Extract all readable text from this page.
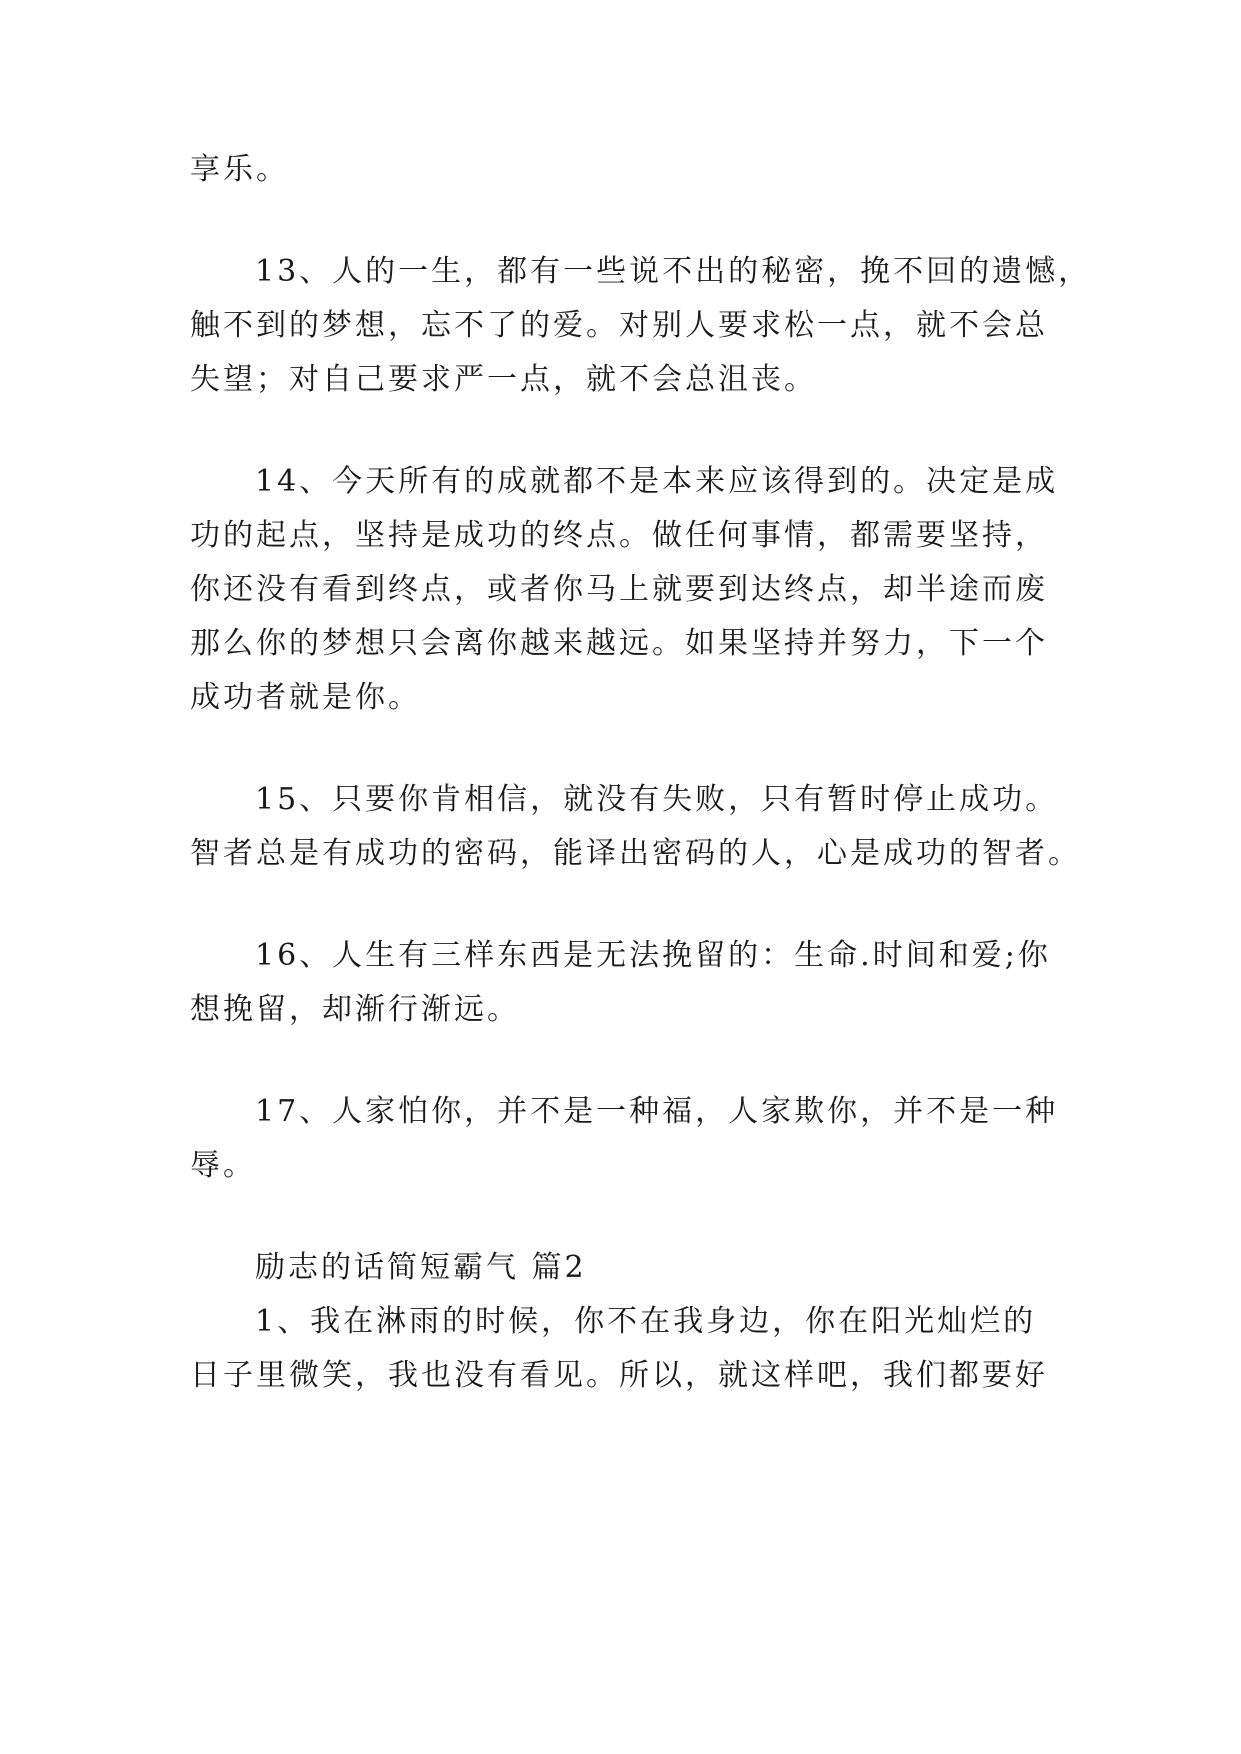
享乐。
13、人的一生，都有一些说不出的秘密，挽不回的遗憾，
触不到的梦想，忘不了的爱。对别人要求松一点，就不会总
失望；对自己要求严一点，就不会总沮丧。
14、今天所有的成就都不是本来应该得到的。决定是成
功的起点，坚持是成功的终点。做任何事情，都需要坚持，
你还没有看到终点，或者你马上就要到达终点，却半途而废
那么你的梦想只会离你越来越远。如果坚持并努力，下一个
成功者就是你。
15、只要你肯相信，就没有失败，只有暂时停止成功。
智者总是有成功的密码，能译出密码的人，心是成功的智者。
16、人生有三样东西是无法挽留的：生命.时间和爱;你
想挽留，却渐行渐远。
17、人家怕你，并不是一种福，人家欺你，并不是一种
辱。
励志的话简短霸气 篇2
1、我在淋雨的时候，你不在我身边，你在阳光灿烂的
日子里微笑，我也没有看见。所以，就这样吧，我们都要好
